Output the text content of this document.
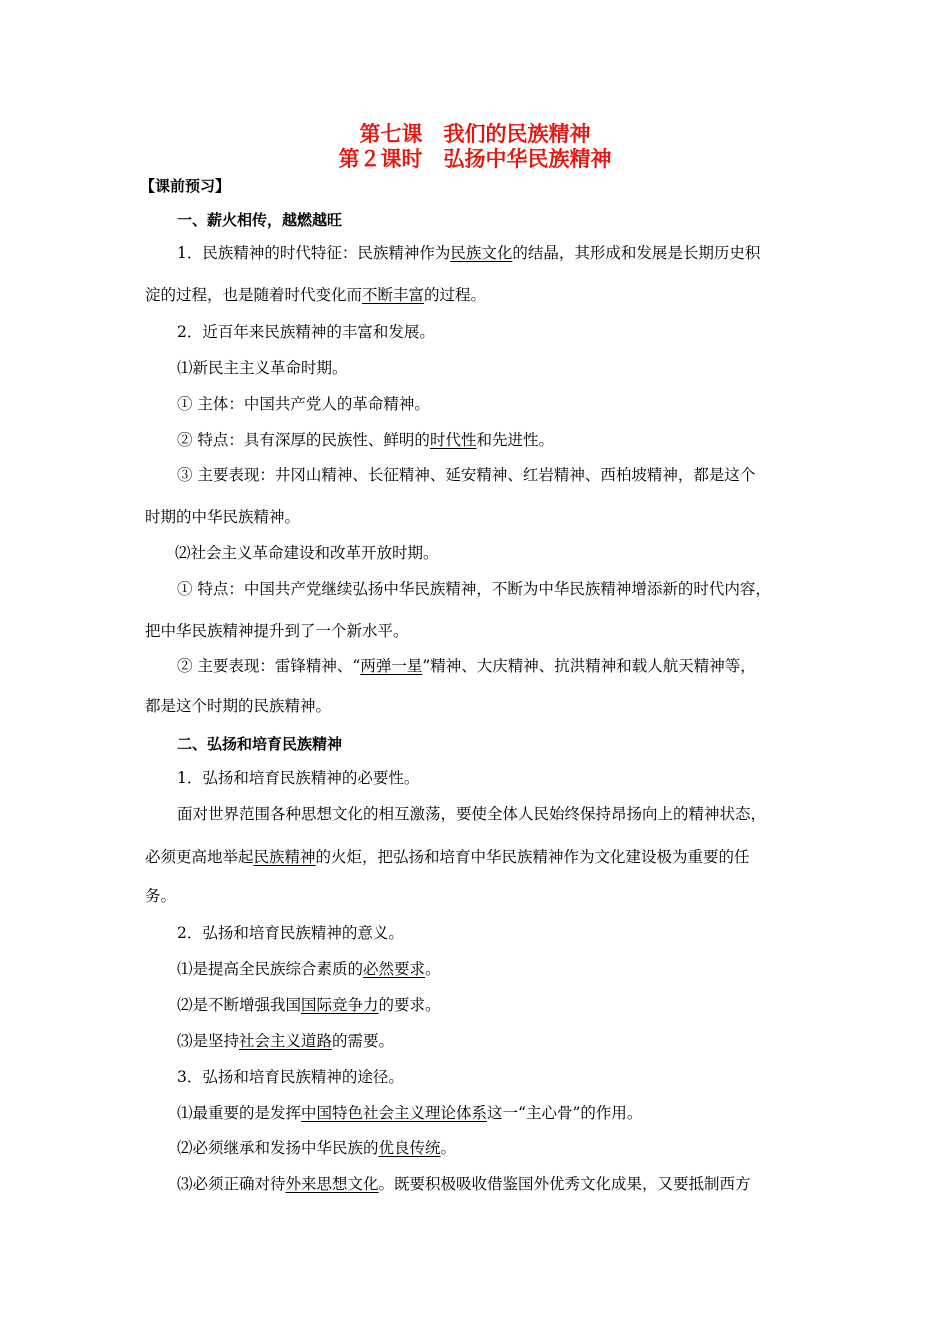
第七课　我们的民族精神
第２课时　弘扬中华民族精神
【课前预习】
一、薪火相传，越燃越旺
1．民族精神的时代特征：民族精神作为民族文化的结晶，其形成和发展是长期历史积
淀的过程，也是随着时代变化而不断丰富的过程。
2．近百年来民族精神的丰富和发展。
⑴新民主主义革命时期。
① 主体：中国共产党人的革命精神。
② 特点：具有深厚的民族性、鲜明的时代性和先进性。
③ 主要表现：井冈山精神、长征精神、延安精神、红岩精神、西柏坡精神，都是这个
时期的中华民族精神。
⑵社会主义革命建设和改革开放时期。
① 特点：中国共产党继续弘扬中华民族精神，不断为中华民族精神增添新的时代内容，
把中华民族精神提升到了一个新水平。
② 主要表现：雷锋精神、“两弹一星”精神、大庆精神、抗洪精神和载人航天精神等，
都是这个时期的民族精神。
二、弘扬和培育民族精神
1．弘扬和培育民族精神的必要性。
面对世界范围各种思想文化的相互激荡，要使全体人民始终保持昂扬向上的精神状态，
必须更高地举起民族精神的火炬，把弘扬和培育中华民族精神作为文化建设极为重要的任
务。
2．弘扬和培育民族精神的意义。
⑴是提高全民族综合素质的必然要求。
⑵是不断增强我国国际竞争力的要求。
⑶是坚持社会主义道路的需要。
3．弘扬和培育民族精神的途径。
⑴最重要的是发挥中国特色社会主义理论体系这一“主心骨”的作用。
⑵必须继承和发扬中华民族的优良传统。
⑶必须正确对待外来思想文化。既要积极吸收借鉴国外优秀文化成果，又要抵制西方
